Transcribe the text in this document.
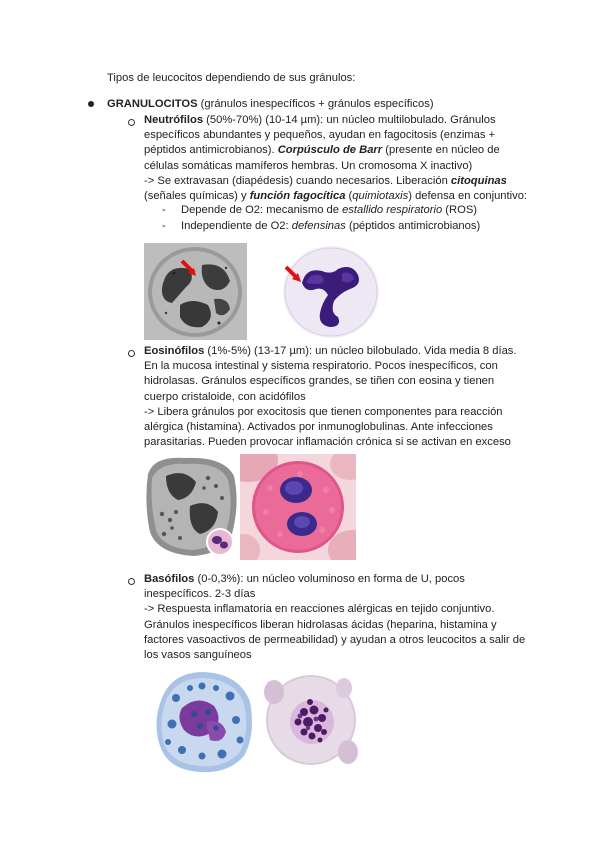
Tipos de leucocitos dependiendo de sus gránulos:
GRANULOCITOS (gránulos inespecíficos + gránulos específicos)
Neutrófilos (50%-70%) (10-14 µm): un núcleo multilobulado. Gránulos
específicos abundantes y pequeños, ayudan en fagocitosis (enzimas +
péptidos antimicrobianos). Corpúsculo de Barr (presente en núcleo de
células somáticas mamíferos hembras. Un cromosoma X inactivo)
-> Se extravasan (diapédesis) cuando necesarios. Liberación citoquinas
(señales químicas) y función fagocítica (quimiotaxis) defensa en conjuntivo:
- Depende de O2: mecanismo de estallido respiratorio (ROS)
- Independiente de O2: defensinas (péptidos antimicrobianos)
Eosinófilos (1%-5%) (13-17 µm): un núcleo bilobulado. Vida media 8 días.
En la mucosa intestinal y sistema respiratorio. Pocos inespecíficos, con
hidrolasas. Gránulos específicos grandes, se tiñen con eosina y tienen
cuerpo cristaloide, con acidófilos
-> Libera gránulos por exocitosis que tienen componentes para reacción
alérgica (histamina). Activados por inmunoglobulinas. Ante infecciones
parasitarias. Pueden provocar inflamación crónica si se activan en exceso
Basófilos (0-0,3%): un núcleo voluminoso en forma de U, pocos
inespecíficos. 2-3 días
-> Respuesta inflamatoria en reacciones alérgicas en tejido conjuntivo.
Gránulos inespecíficos liberan hidrolasas ácidas (heparina, histamina y
factores vasoactivos de permeabilidad) y ayudan a otros leucocitos a salir de
los vasos sanguíneos
